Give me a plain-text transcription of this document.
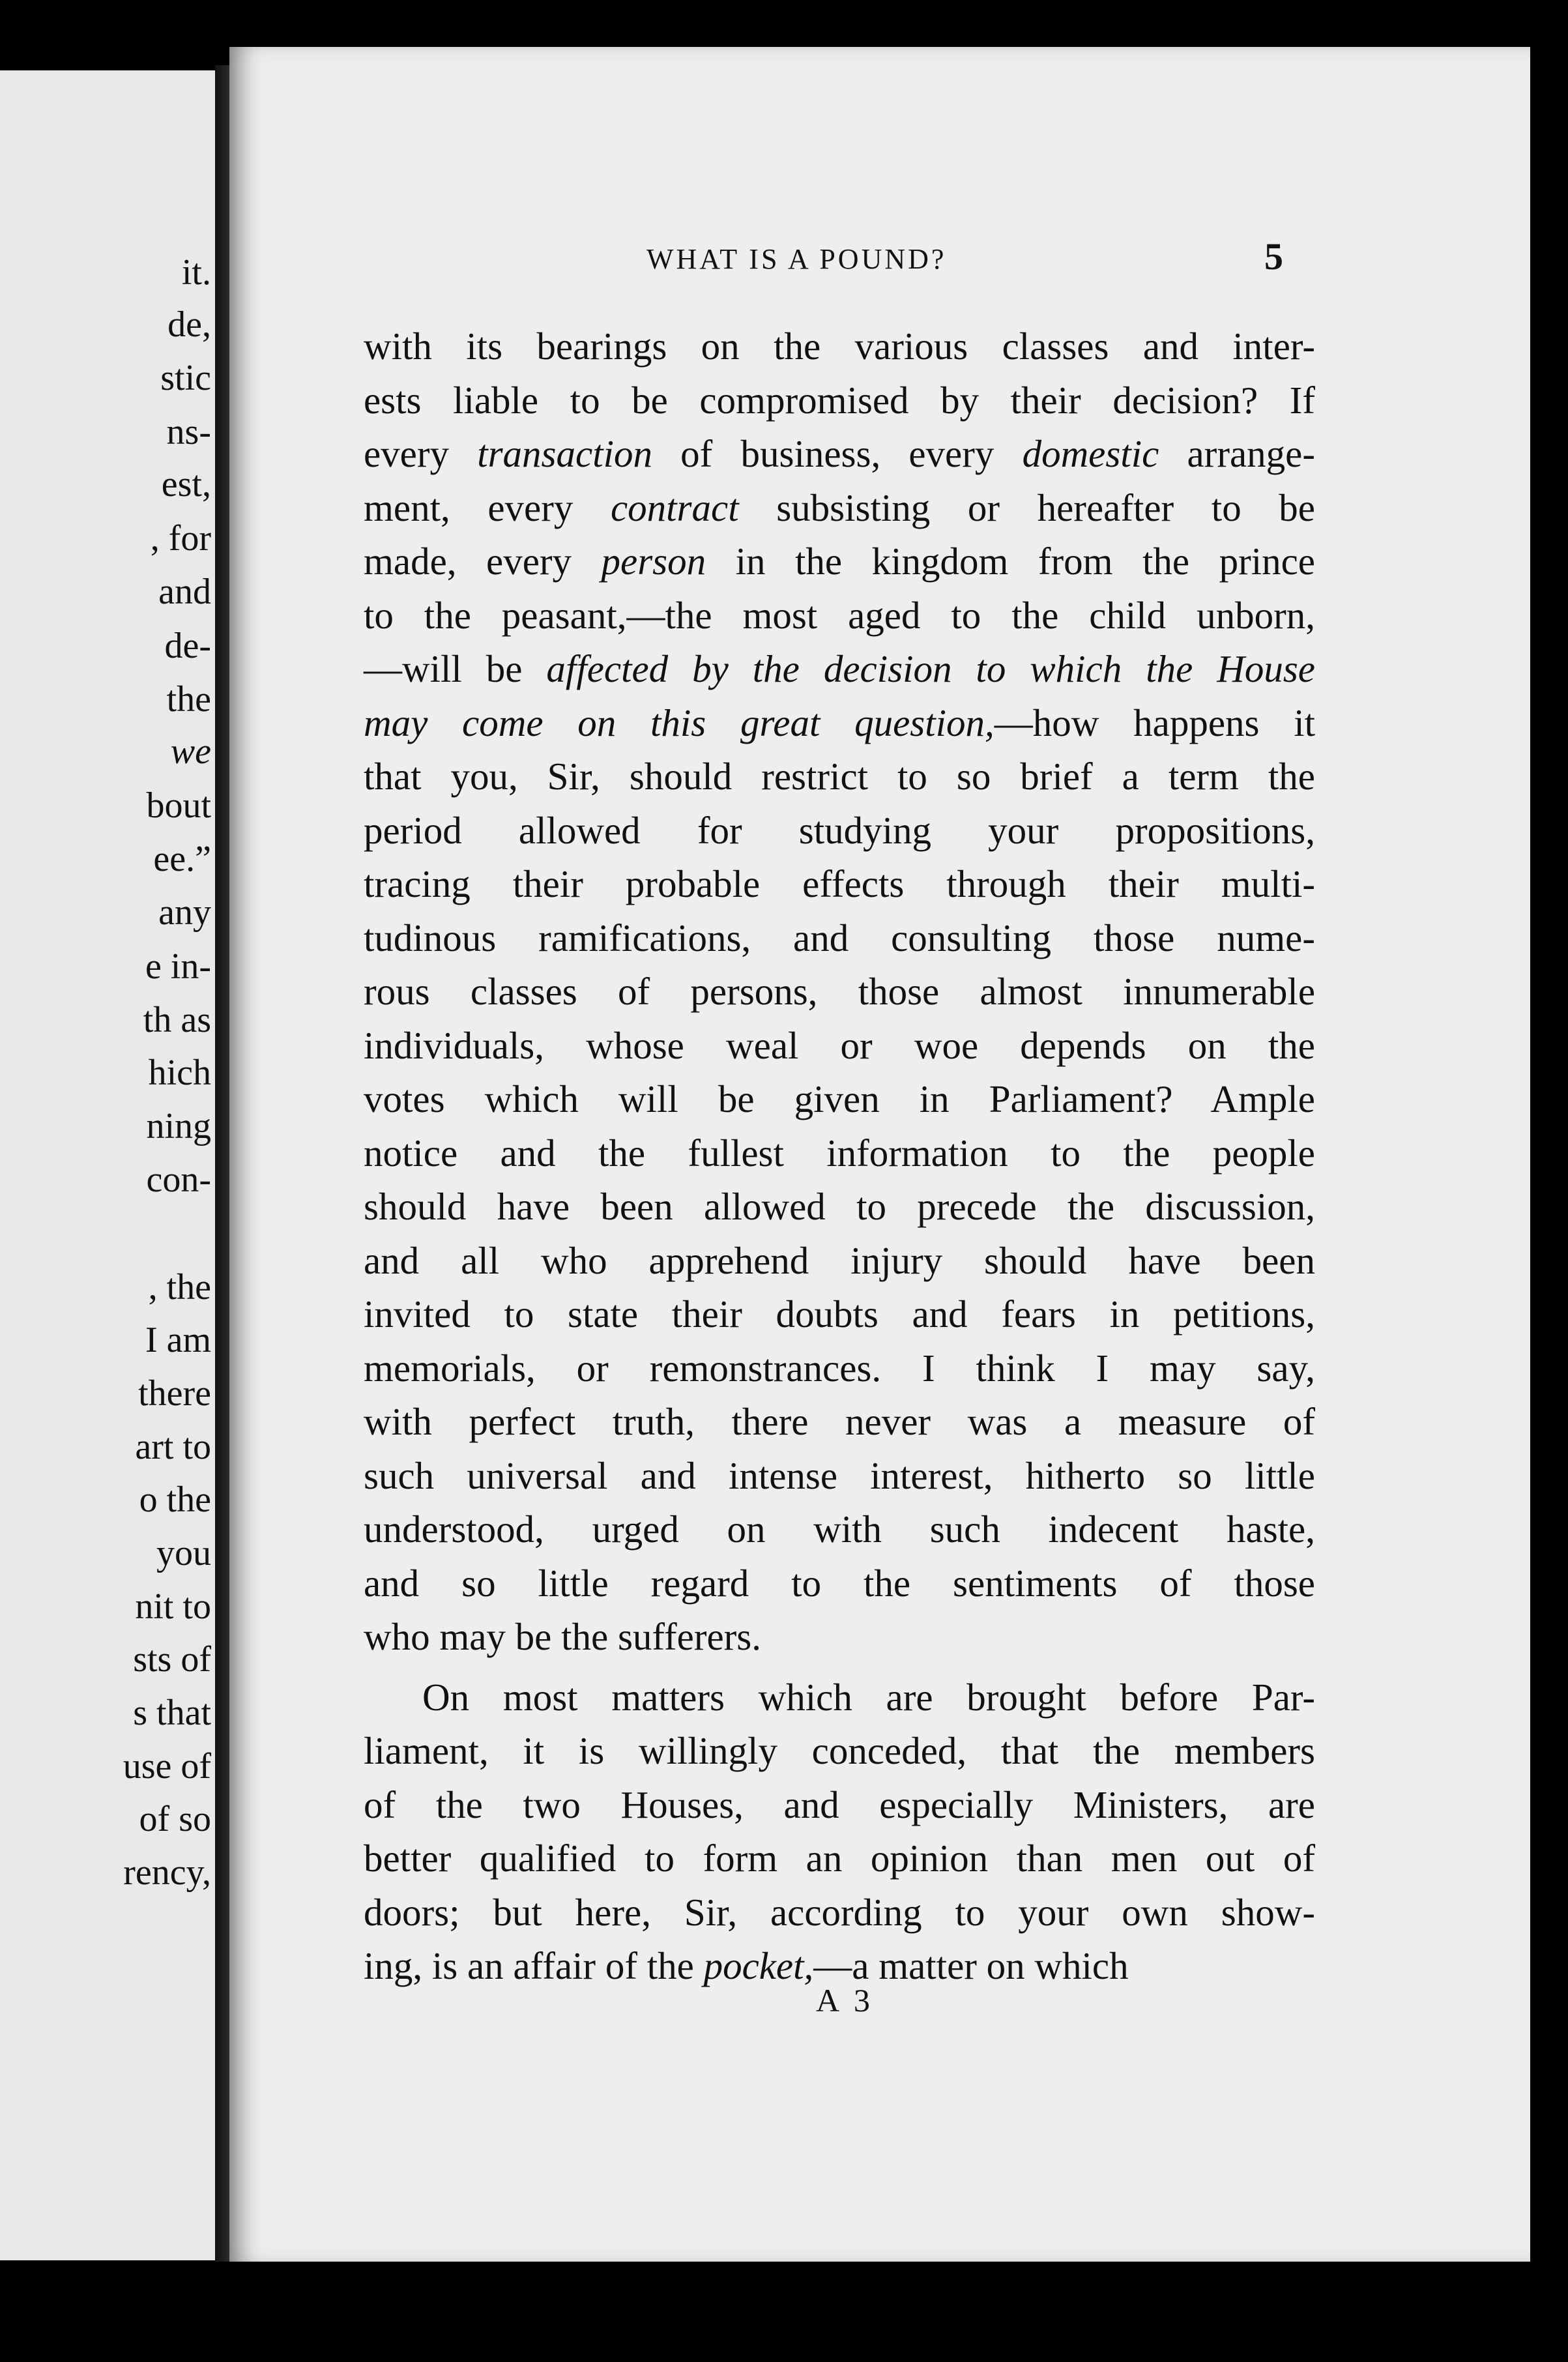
it.
de,
stic
ns-
est,
, for
and
de-
the
we
bout
ee.”
any
e in-
th as
hich
ning
con-
, the
I am
there
art to
o the
you
nit to
sts of
s that
use of
of so
rency,
WHAT IS A POUND?	5
with its bearings on the various classes and inter-
ests liable to be compromised by their decision? If
every transaction of business, every domestic arrange-
ment, every contract subsisting or hereafter to be
made, every person in the kingdom from the prince
to the peasant,—the most aged to the child unborn,
—will be affected by the decision to which the House
may come on this great question,—how happens it
that you, Sir, should restrict to so brief a term the
period allowed for studying your propositions,
tracing their probable effects through their multi-
tudinous ramifications, and consulting those nume-
rous classes of persons, those almost innumerable
individuals, whose weal or woe depends on the
votes which will be given in Parliament? Ample
notice and the fullest information to the people
should have been allowed to precede the discussion,
and all who apprehend injury should have been
invited to state their doubts and fears in petitions,
memorials, or remonstrances. I think I may say,
with perfect truth, there never was a measure of
such universal and intense interest, hitherto so little
understood, urged on with such indecent haste,
and so little regard to the sentiments of those
who may be the sufferers.
On most matters which are brought before Par-
liament, it is willingly conceded, that the members
of the two Houses, and especially Ministers, are
better qualified to form an opinion than men out of
doors; but here, Sir, according to your own show-
ing, is an affair of the pocket,—a matter on which
A 3
